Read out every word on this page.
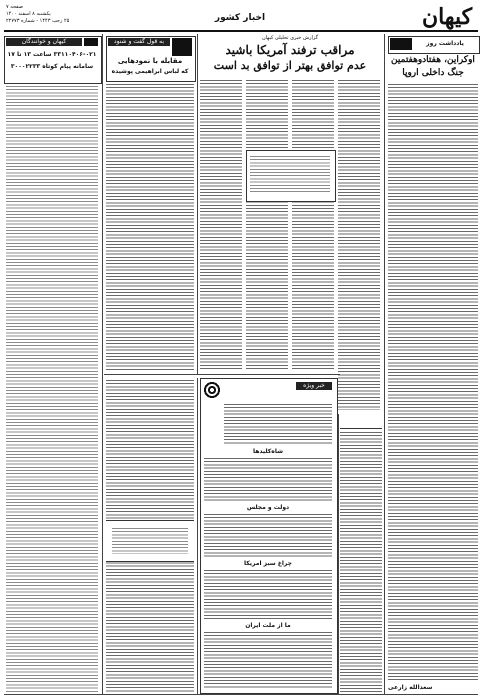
کیهان
اخبار کشور
صفحه ۷
یکشنبه ۸ اسفند ۱۴۰۰
۲۵ رجب ۱۴۴۳ - شماره ۲۲۷۷۳
کیهان و خوانندگان
۳۳۱۱۰۴۰۶-۰۲۱ ساعت ۱۳ تا ۱۷
سامانه پیام کوتاه ۳۰۰۰۲۲۳۳
به قول گفت و شنود
مقابله با نمودهایی
که لباس ابراهیمی پوشیده
گزارش خبری تحلیلی کیهان
مراقب ترفند آمریکا باشید
عدم توافق بهتر از توافق بد است
یادداشت روز
اوکراین، هفتادوهفتمین
جنگ داخلی اروپا
سعدالله زارعی
خبر ویژه
شاه‌کلیدها
دولت و مجلس
چراغ سبز آمریکا
ما از ملت ایران
